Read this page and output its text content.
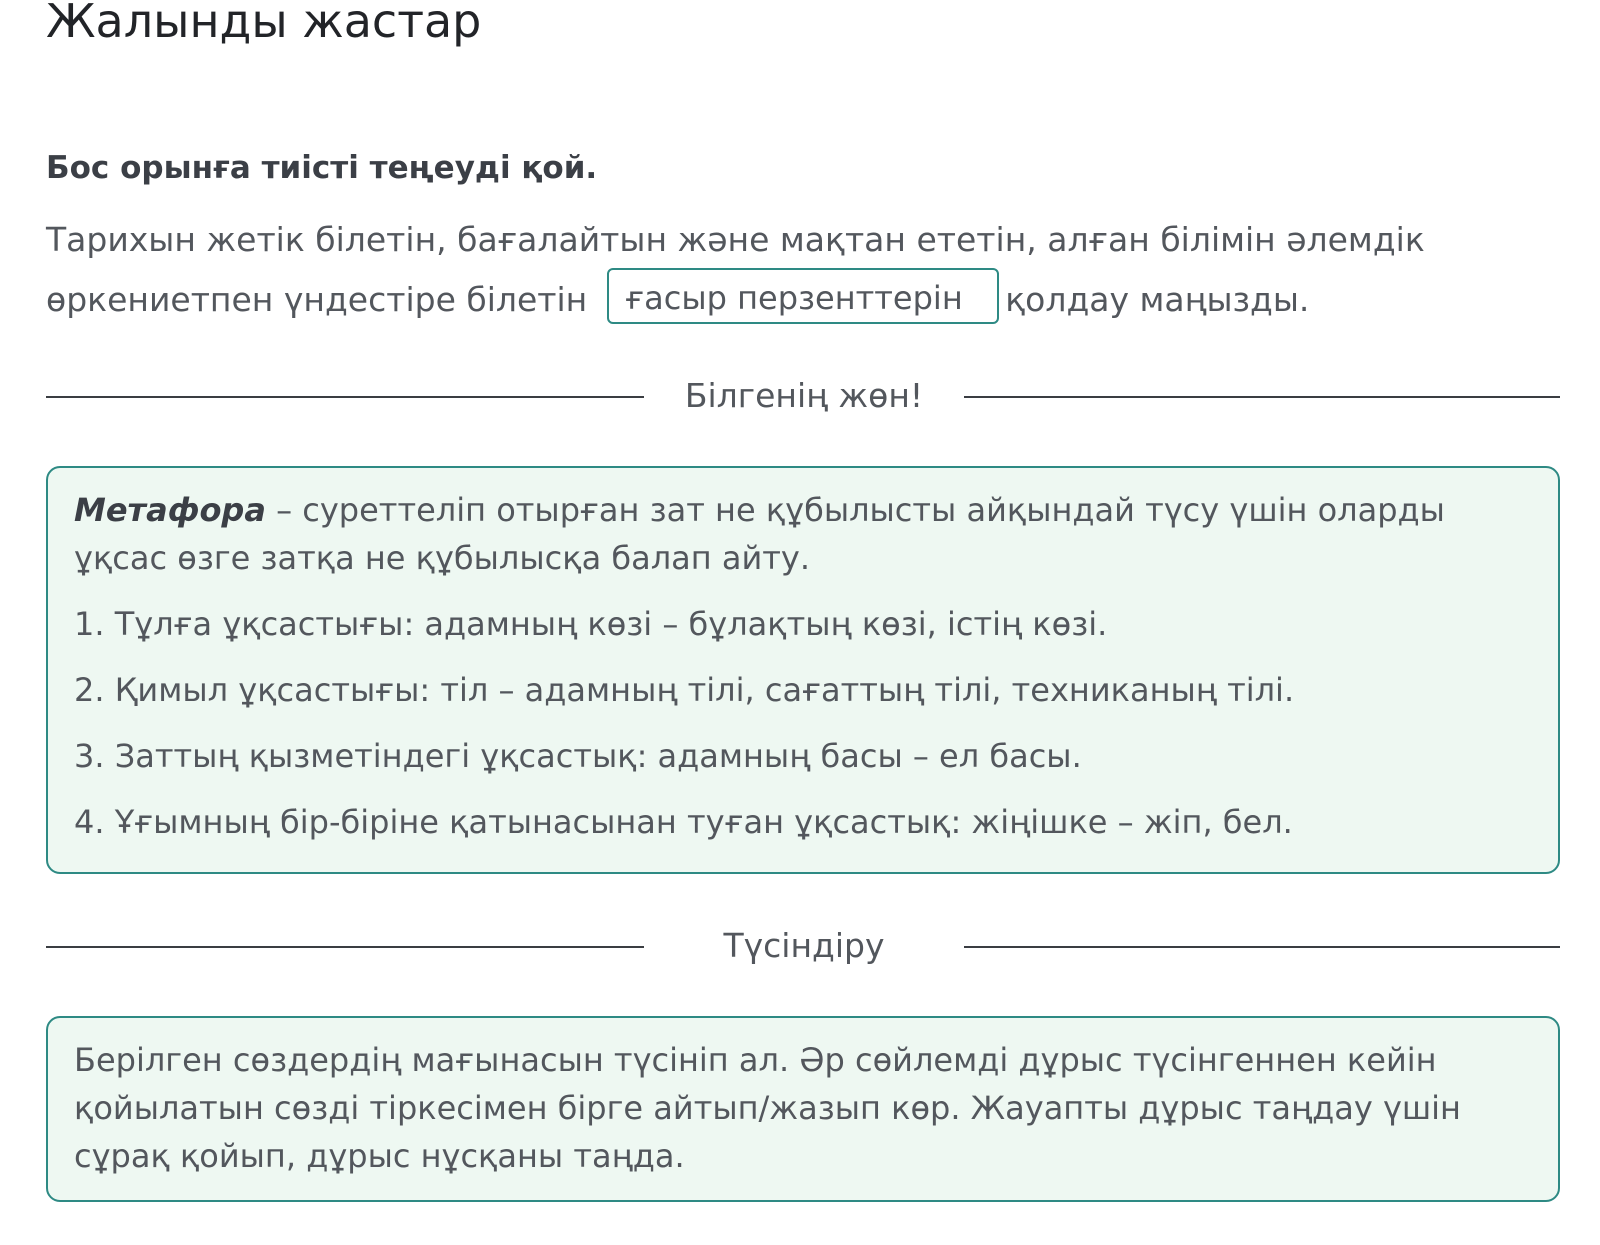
Жалынды жастар

Бос орынға тиісті теңеуді қой.

Тарихын жетік білетін, бағалайтын және мақтан ететін, алған білімін әлемдік өркениетпен үндестіре білетін ғасыр перзенттерін қолдау маңызды.

Білгенің жөн!

Метафора – суреттеліп отырған зат не құбылысты айқындай түсу үшін оларды ұқсас өзге затқа не құбылысқа балап айту.

1. Тұлға ұқсастығы: адамның көзі – бұлақтың көзі, істің көзі.
2. Қимыл ұқсастығы: тіл – адамның тілі, сағаттың тілі, техниканың тілі.
3. Заттың қызметіндегі ұқсастық: адамның басы – ел басы.
4. Ұғымның бір-біріне қатынасынан туған ұқсастық: жіңішке – жіп, бел.
Түсіндіру

Берілген сөздердің мағынасын түсініп ал. Әр сөйлемді дұрыс түсінгеннен кейін қойылатын сөзді тіркесімен бірге айтып/жазып көр. Жауапты дұрыс таңдау үшін сұрақ қойып, дұрыс нұсқаны таңда.
